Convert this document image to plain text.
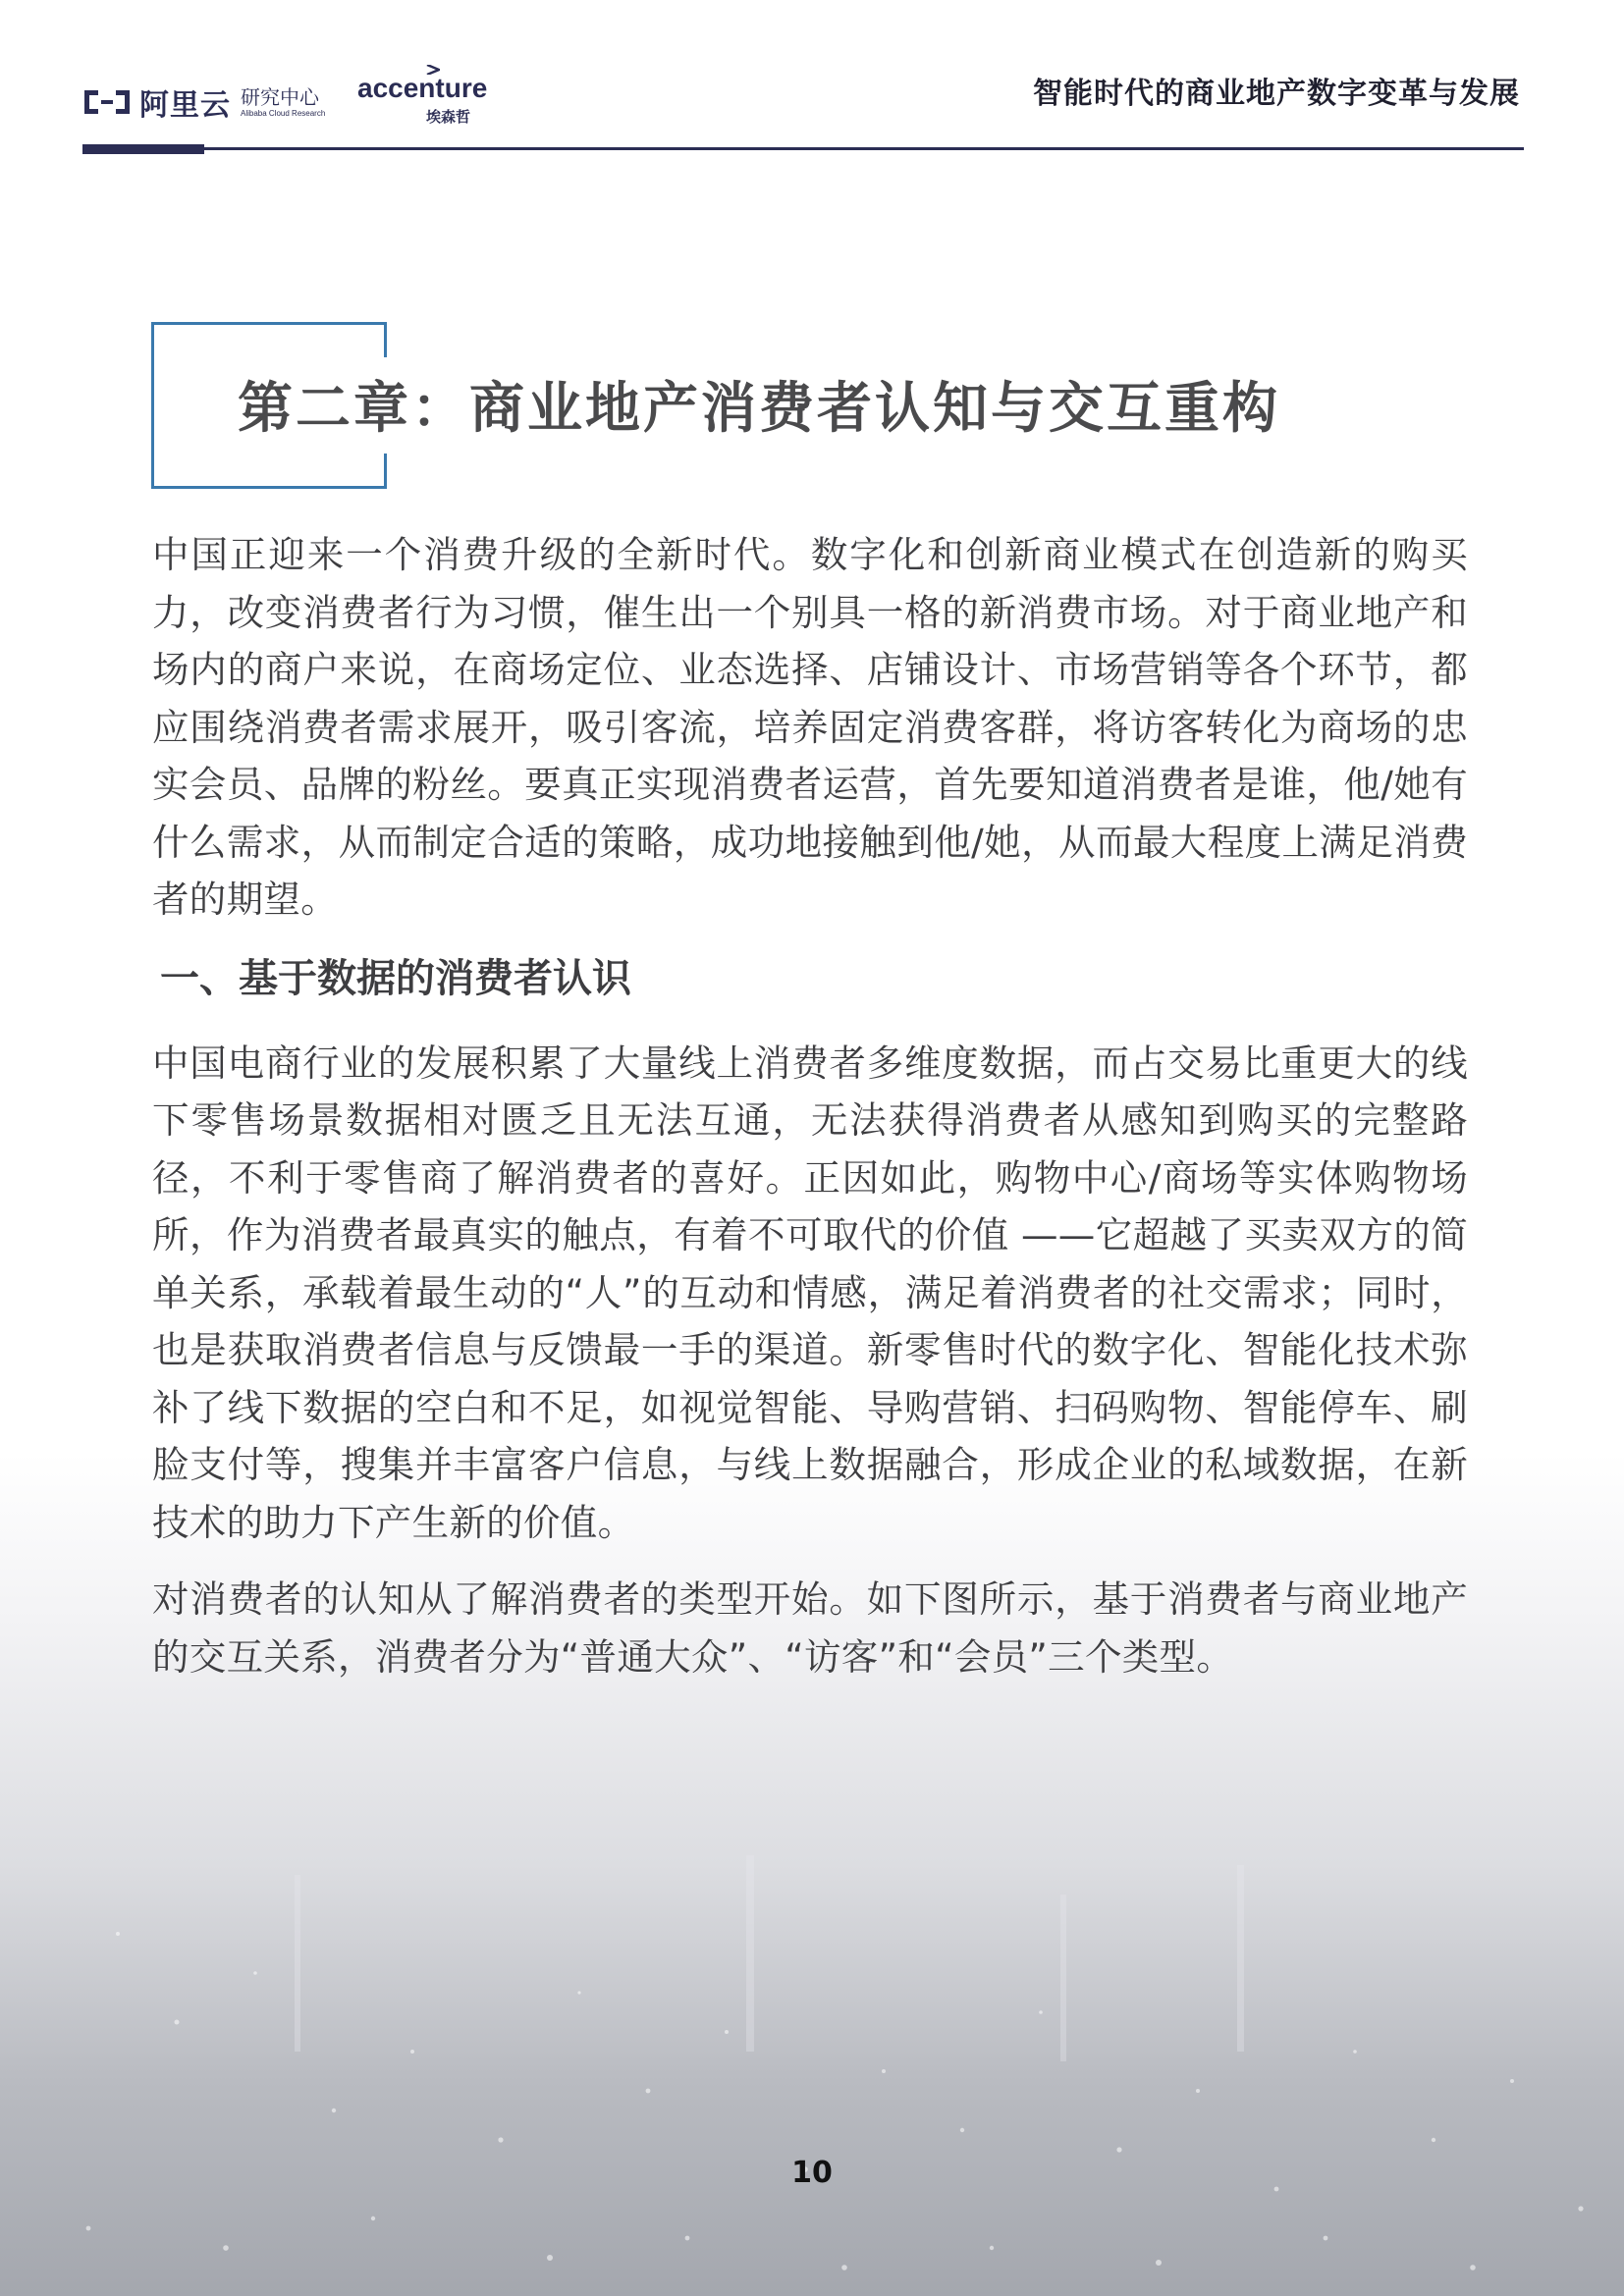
阿里云 研究中心
Alibaba Cloud Research
accenture
埃森哲
智能时代的商业地产数字变革与发展
第二章：商业地产消费者认知与交互重构

中国正迎来一个消费升级的全新时代。数字化和创新商业模式在创造新的购买力，改变消费者行为习惯，催生出一个别具一格的新消费市场。对于商业地产和场内的商户来说，在商场定位、业态选择、店铺设计、市场营销等各个环节，都应围绕消费者需求展开，吸引客流，培养固定消费客群，将访客转化为商场的忠实会员、品牌的粉丝。要真正实现消费者运营，首先要知道消费者是谁，他/她有什么需求，从而制定合适的策略，成功地接触到他/她，从而最大程度上满足消费者的期望。

一、基于数据的消费者认识

中国电商行业的发展积累了大量线上消费者多维度数据，而占交易比重更大的线下零售场景数据相对匮乏且无法互通，无法获得消费者从感知到购买的完整路径，不利于零售商了解消费者的喜好。正因如此，购物中心/商场等实体购物场所，作为消费者最真实的触点，有着不可取代的价值 ——它超越了买卖双方的简单关系，承载着最生动的“人”的互动和情感，满足着消费者的社交需求；同时，也是获取消费者信息与反馈最一手的渠道。新零售时代的数字化、智能化技术弥补了线下数据的空白和不足，如视觉智能、导购营销、扫码购物、智能停车、刷脸支付等，搜集并丰富客户信息，与线上数据融合，形成企业的私域数据，在新技术的助力下产生新的价值。

对消费者的认知从了解消费者的类型开始。如下图所示，基于消费者与商业地产的交互关系，消费者分为“普通大众”、“访客”和“会员”三个类型。

10
